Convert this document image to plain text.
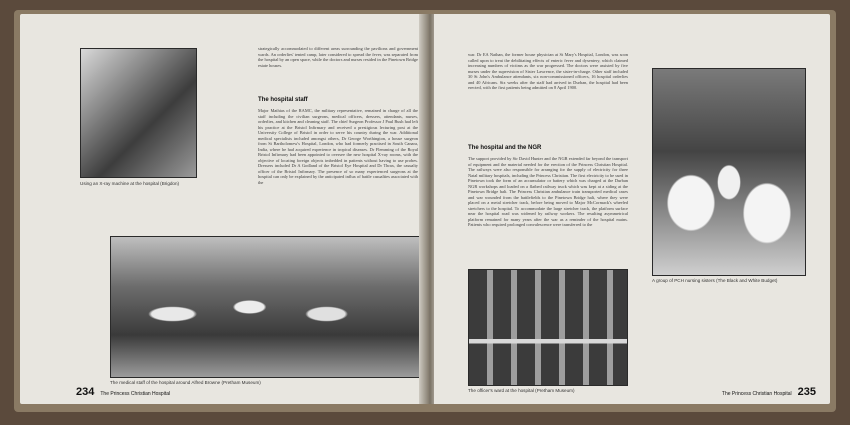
Using an X-ray machine at the hospital (Brigdon)
strategically accommodated to different areas surrounding the pavilions and government wards. An orderlies' tented camp, later considered to spread the fever, was separated from the hospital by an open space, while the doctors and nurses resided in the Pinetown Bridge estate houses.
The hospital staff
Major Mathias of the RAMC, the military representative, remained in charge of all the staff including the civilian surgeons, medical officers, dressers, attendants, nurses, orderlies, and kitchen and cleaning staff. The chief Surgeon Professor J Paul Bush had left his practice at the Bristol Infirmary and received a prestigious lecturing post at the University College of Bristol in order to serve his country during the war. Additional medical specialists included amongst others, Dr George Worthington, a house surgeon from St Bartholomew's Hospital, London, who had formerly practised in South Canara, India, where he had acquired experience in tropical diseases. Dr Flemming of the Royal Bristol Infirmary had been appointed to oversee the new hospital X-ray rooms, with the objective of locating foreign objects imbedded in patients without having to use probes. Dressers included Dr A Godland of the Bristol Eye Hospital and Dr Thrax, the casualty officer of the Bristol Infirmary. The presence of so many experienced surgeons at the hospital can only be explained by the anticipated influx of battle casualties associated with the
The medical staff of the hospital around Alfred Browne (Pretham Museum)
234 The Princess Christian Hospital
war. Dr EA Nathan, the former house physician at St Mary's Hospital, London, was soon called upon to treat the debilitating effects of enteric fever and dysentery, which claimed increasing numbers of victims as the war progressed. The doctors were assisted by five nurses under the supervision of Sister Lawrence, the sister-in-charge. Other staff included 30 St John's Ambulance attendants, six non-commissioned officers, 16 hospital orderlies and 40 Africans. Six weeks after the staff had arrived in Durban, the hospital had been erected, with the first patients being admitted on 8 April 1900.
The hospital and the NGR
The support provided by Sir David Hunter and the NGR extended far beyond the transport of equipment and the material needed for the erection of the Princess Christian Hospital. The railways were also responsible for arranging for the supply of electricity for three Natal military hospitals, including the Princess Christian. The first electricity to be used in Pinetown took the form of an accumulator or battery which was charged at the Durban NGR workshops and loaded on a flatbed railway truck which was kept at a siding at the Pinetown Bridge halt. The Princess Christian ambulance train transported medical cases and war wounded from the battlefields to the Pinetown Bridge halt, where they were placed on a metal stretcher track, before being moved to Major McCormack's wheeled stretchers to the hospital. To accommodate the large stretcher track, the platform surface near the hospital road was widened by railway workers. The resulting asymmetrical platform remained for many years after the war as a reminder of the hospital mains. Patients who required prolonged convalescence were transferred to the
A group of PCH nursing sisters (The Black and White Budget)
The officer's ward at the hospital (Pretham Museum)
The Princess Christian Hospital 235
